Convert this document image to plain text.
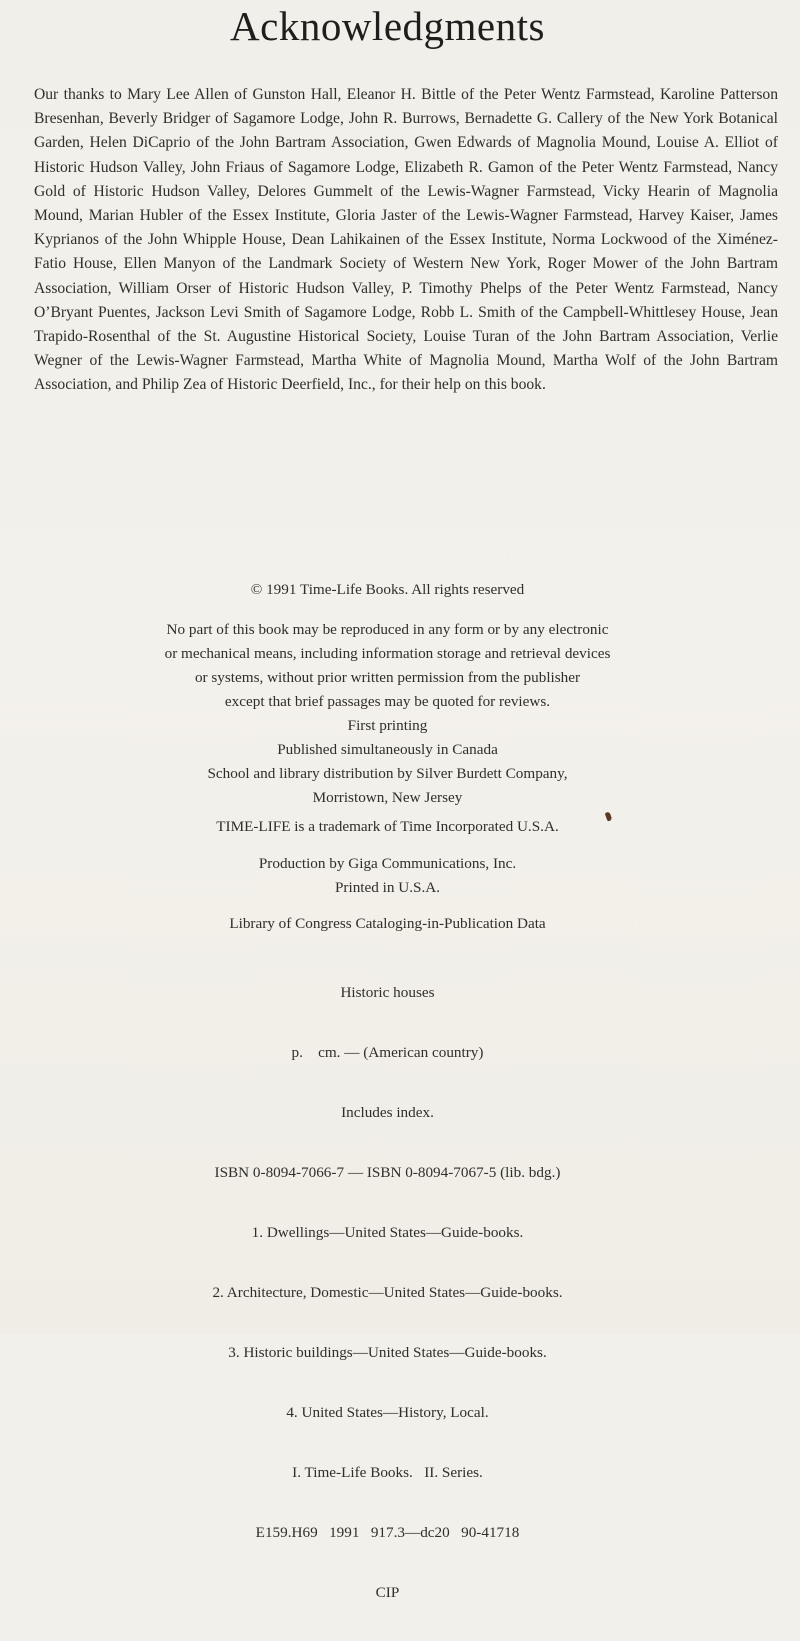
Acknowledgments

Our thanks to Mary Lee Allen of Gunston Hall, Eleanor H. Bittle of the Peter Wentz Farmstead, Karoline Patterson Bresenhan, Beverly Bridger of Sagamore Lodge, John R. Burrows, Bernadette G. Callery of the New York Botanical Garden, Helen DiCaprio of the John Bartram Association, Gwen Edwards of Magnolia Mound, Louise A. Elliot of Historic Hudson Valley, John Friaus of Sagamore Lodge, Elizabeth R. Gamon of the Peter Wentz Farmstead, Nancy Gold of Historic Hudson Valley, Delores Gummelt of the Lewis-Wagner Farmstead, Vicky Hearin of Magnolia Mound, Marian Hubler of the Essex Institute, Gloria Jaster of the Lewis-Wagner Farmstead, Harvey Kaiser, James Kyprianos of the John Whipple House, Dean Lahikainen of the Essex Institute, Norma Lockwood of the Ximénez-Fatio House, Ellen Manyon of the Landmark Society of Western New York, Roger Mower of the John Bartram Association, William Orser of Historic Hudson Valley, P. Timothy Phelps of the Peter Wentz Farmstead, Nancy O’Bryant Puentes, Jackson Levi Smith of Sagamore Lodge, Robb L. Smith of the Campbell-Whittlesey House, Jean Trapido-Rosenthal of the St. Augustine Historical Society, Louise Turan of the John Bartram Association, Verlie Wegner of the Lewis-Wagner Farmstead, Martha White of Magnolia Mound, Martha Wolf of the John Bartram Association, and Philip Zea of Historic Deerfield, Inc., for their help on this book.

© 1991 Time-Life Books. All rights reserved
No part of this book may be reproduced in any form or by any electronic
or mechanical means, including information storage and retrieval devices
or systems, without prior written permission from the publisher
except that brief passages may be quoted for reviews.
First printing
Published simultaneously in Canada
School and library distribution by Silver Burdett Company,
Morristown, New Jersey
TIME-LIFE is a trademark of Time Incorporated U.S.A.
Production by Giga Communications, Inc.
Printed in U.S.A.
Library of Congress Cataloging-in-Publication Data

Historic houses

p.    cm. — (American country)

Includes index.

ISBN 0-8094-7066-7 — ISBN 0-8094-7067-5 (lib. bdg.)

1. Dwellings—United States—Guide-books.

2. Architecture, Domestic—United States—Guide-books.

3. Historic buildings—United States—Guide-books.

4. United States—History, Local.

I. Time-Life Books.   II. Series.

E159.H69   1991   917.3—dc20   90-41718

CIP
